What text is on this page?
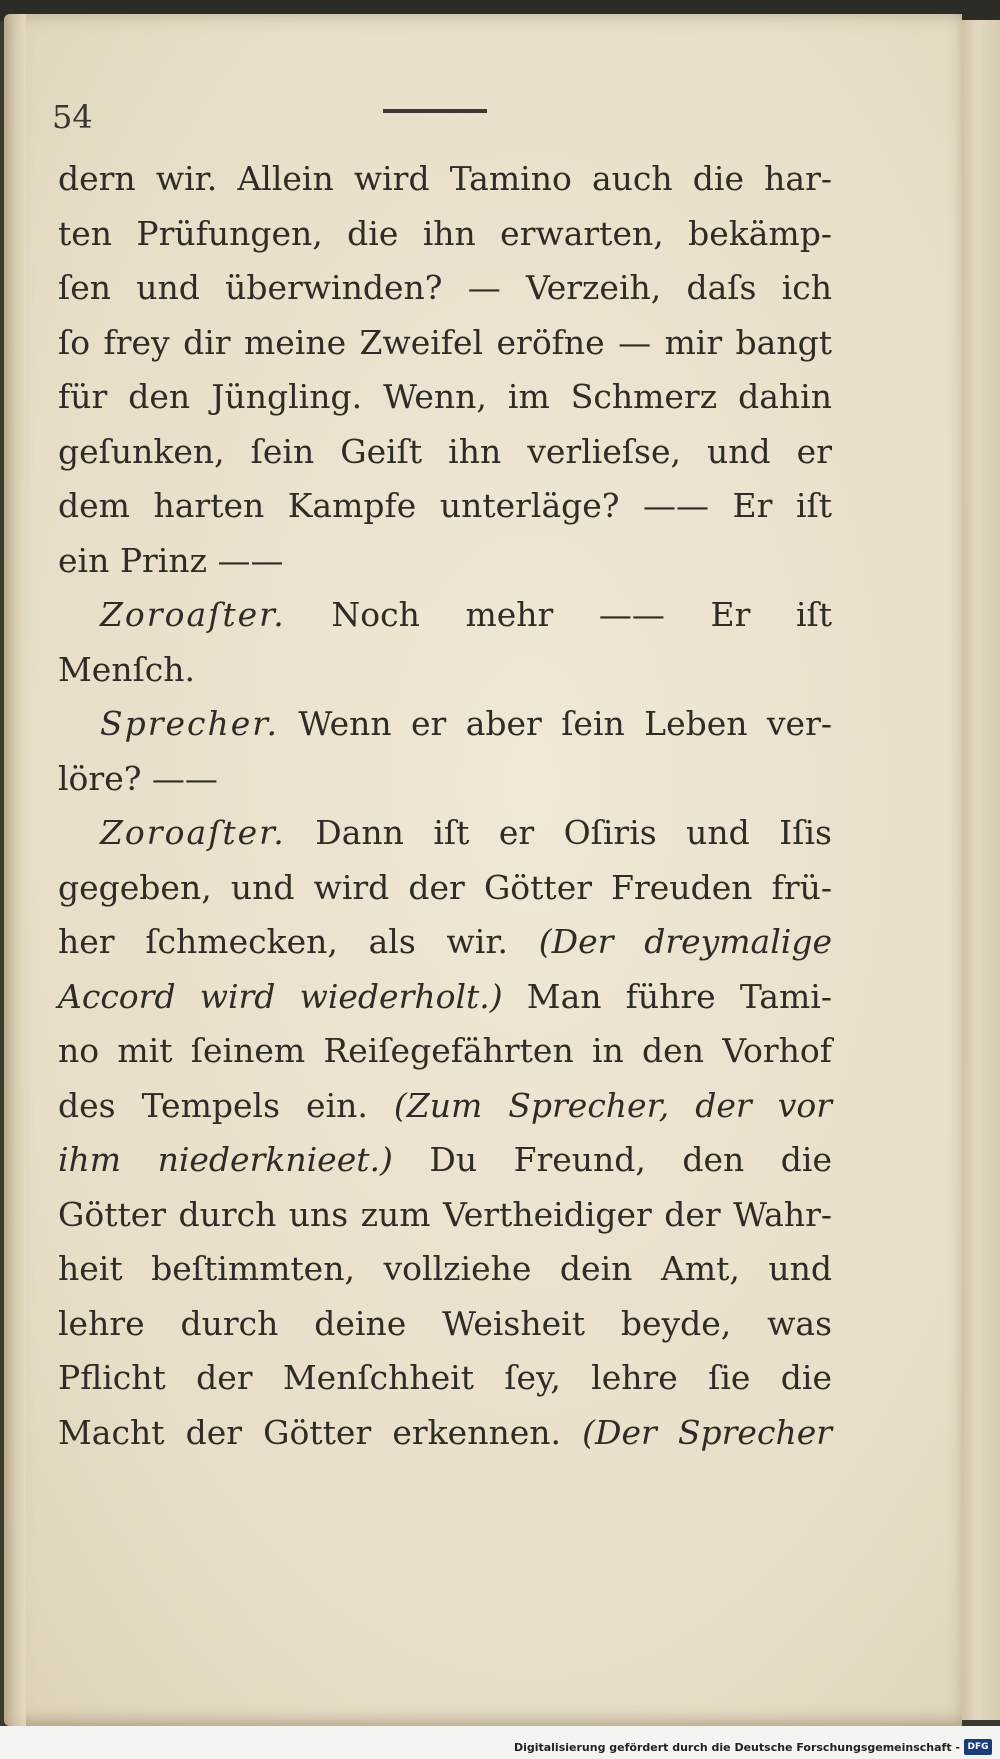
54
dern wir. Allein wird Tamino auch die har-
ten Prüfungen, die ihn erwarten, bekämp-
ſen und überwinden? — Verzeih, daſs ich
ſo frey dir meine Zweifel eröfne — mir bangt
für den Jüngling. Wenn, im Schmerz dahin
geſunken, ſein Geiſt ihn verlieſse, und er
dem harten Kampfe unterläge? —— Er iſt
ein Prinz ——
Zoroaſter. Noch mehr —— Er iſt
Menſch.
Sprecher. Wenn er aber ſein Leben ver-
löre? ——
Zoroaſter. Dann iſt er Oſiris und Iſis
gegeben, und wird der Götter Freuden frü-
her ſchmecken, als wir. (Der dreymalige
Accord wird wiederholt.) Man führe Tami-
no mit ſeinem Reiſegefährten in den Vorhof
des Tempels ein. (Zum Sprecher, der vor
ihm niederknieet.) Du Freund, den die
Götter durch uns zum Vertheidiger der Wahr-
heit beſtimmten, vollziehe dein Amt, und
lehre durch deine Weisheit beyde, was
Pflicht der Menſchheit ſey, lehre ſie die
Macht der Götter erkennen. (Der Sprecher
Digitalisierung gefördert durch die Deutsche Forschungsgemeinschaft - DFG
